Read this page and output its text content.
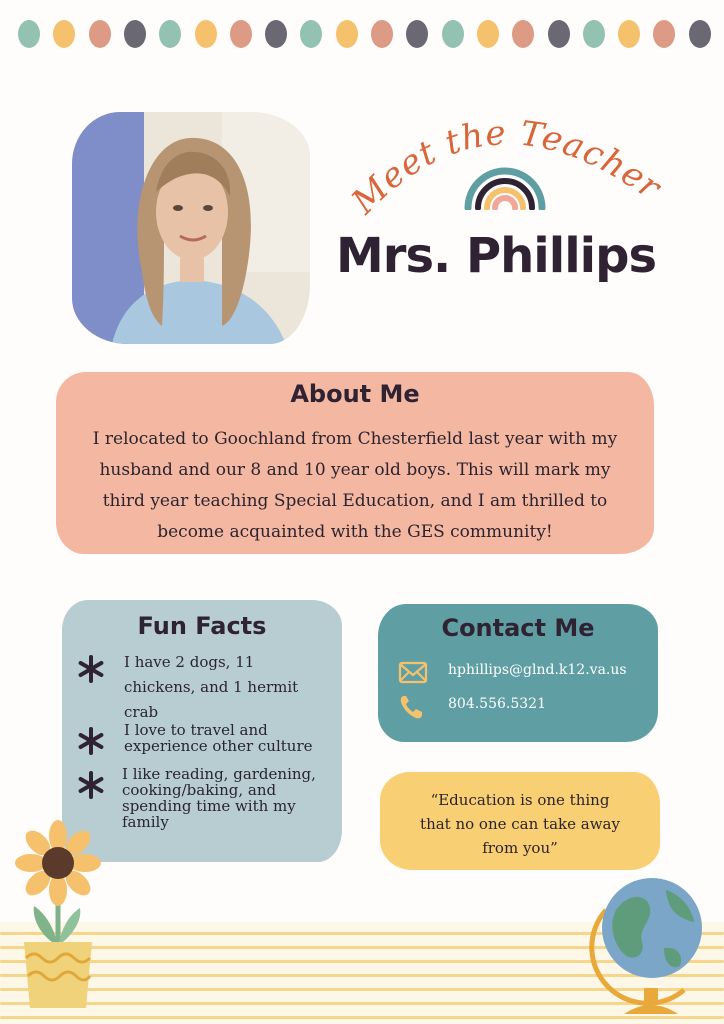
Meet the Teacher
Mrs. Phillips
About Me

I relocated to Goochland from Chesterfield last year with my
husband and our 8 and 10 year old boys. This will mark my
third year teaching Special Education, and I am thrilled to
become acquainted with the GES community!

Fun Facts
I have 2 dogs, 11
chickens, and 1 hermit
crab
I love to travel and
experience other culture
I like reading, gardening,
cooking/baking, and
spending time with my
family
Contact Me
hphillips@glnd.k12.va.us
804.556.5321

“Education is one thing
that no one can take away
from you”
